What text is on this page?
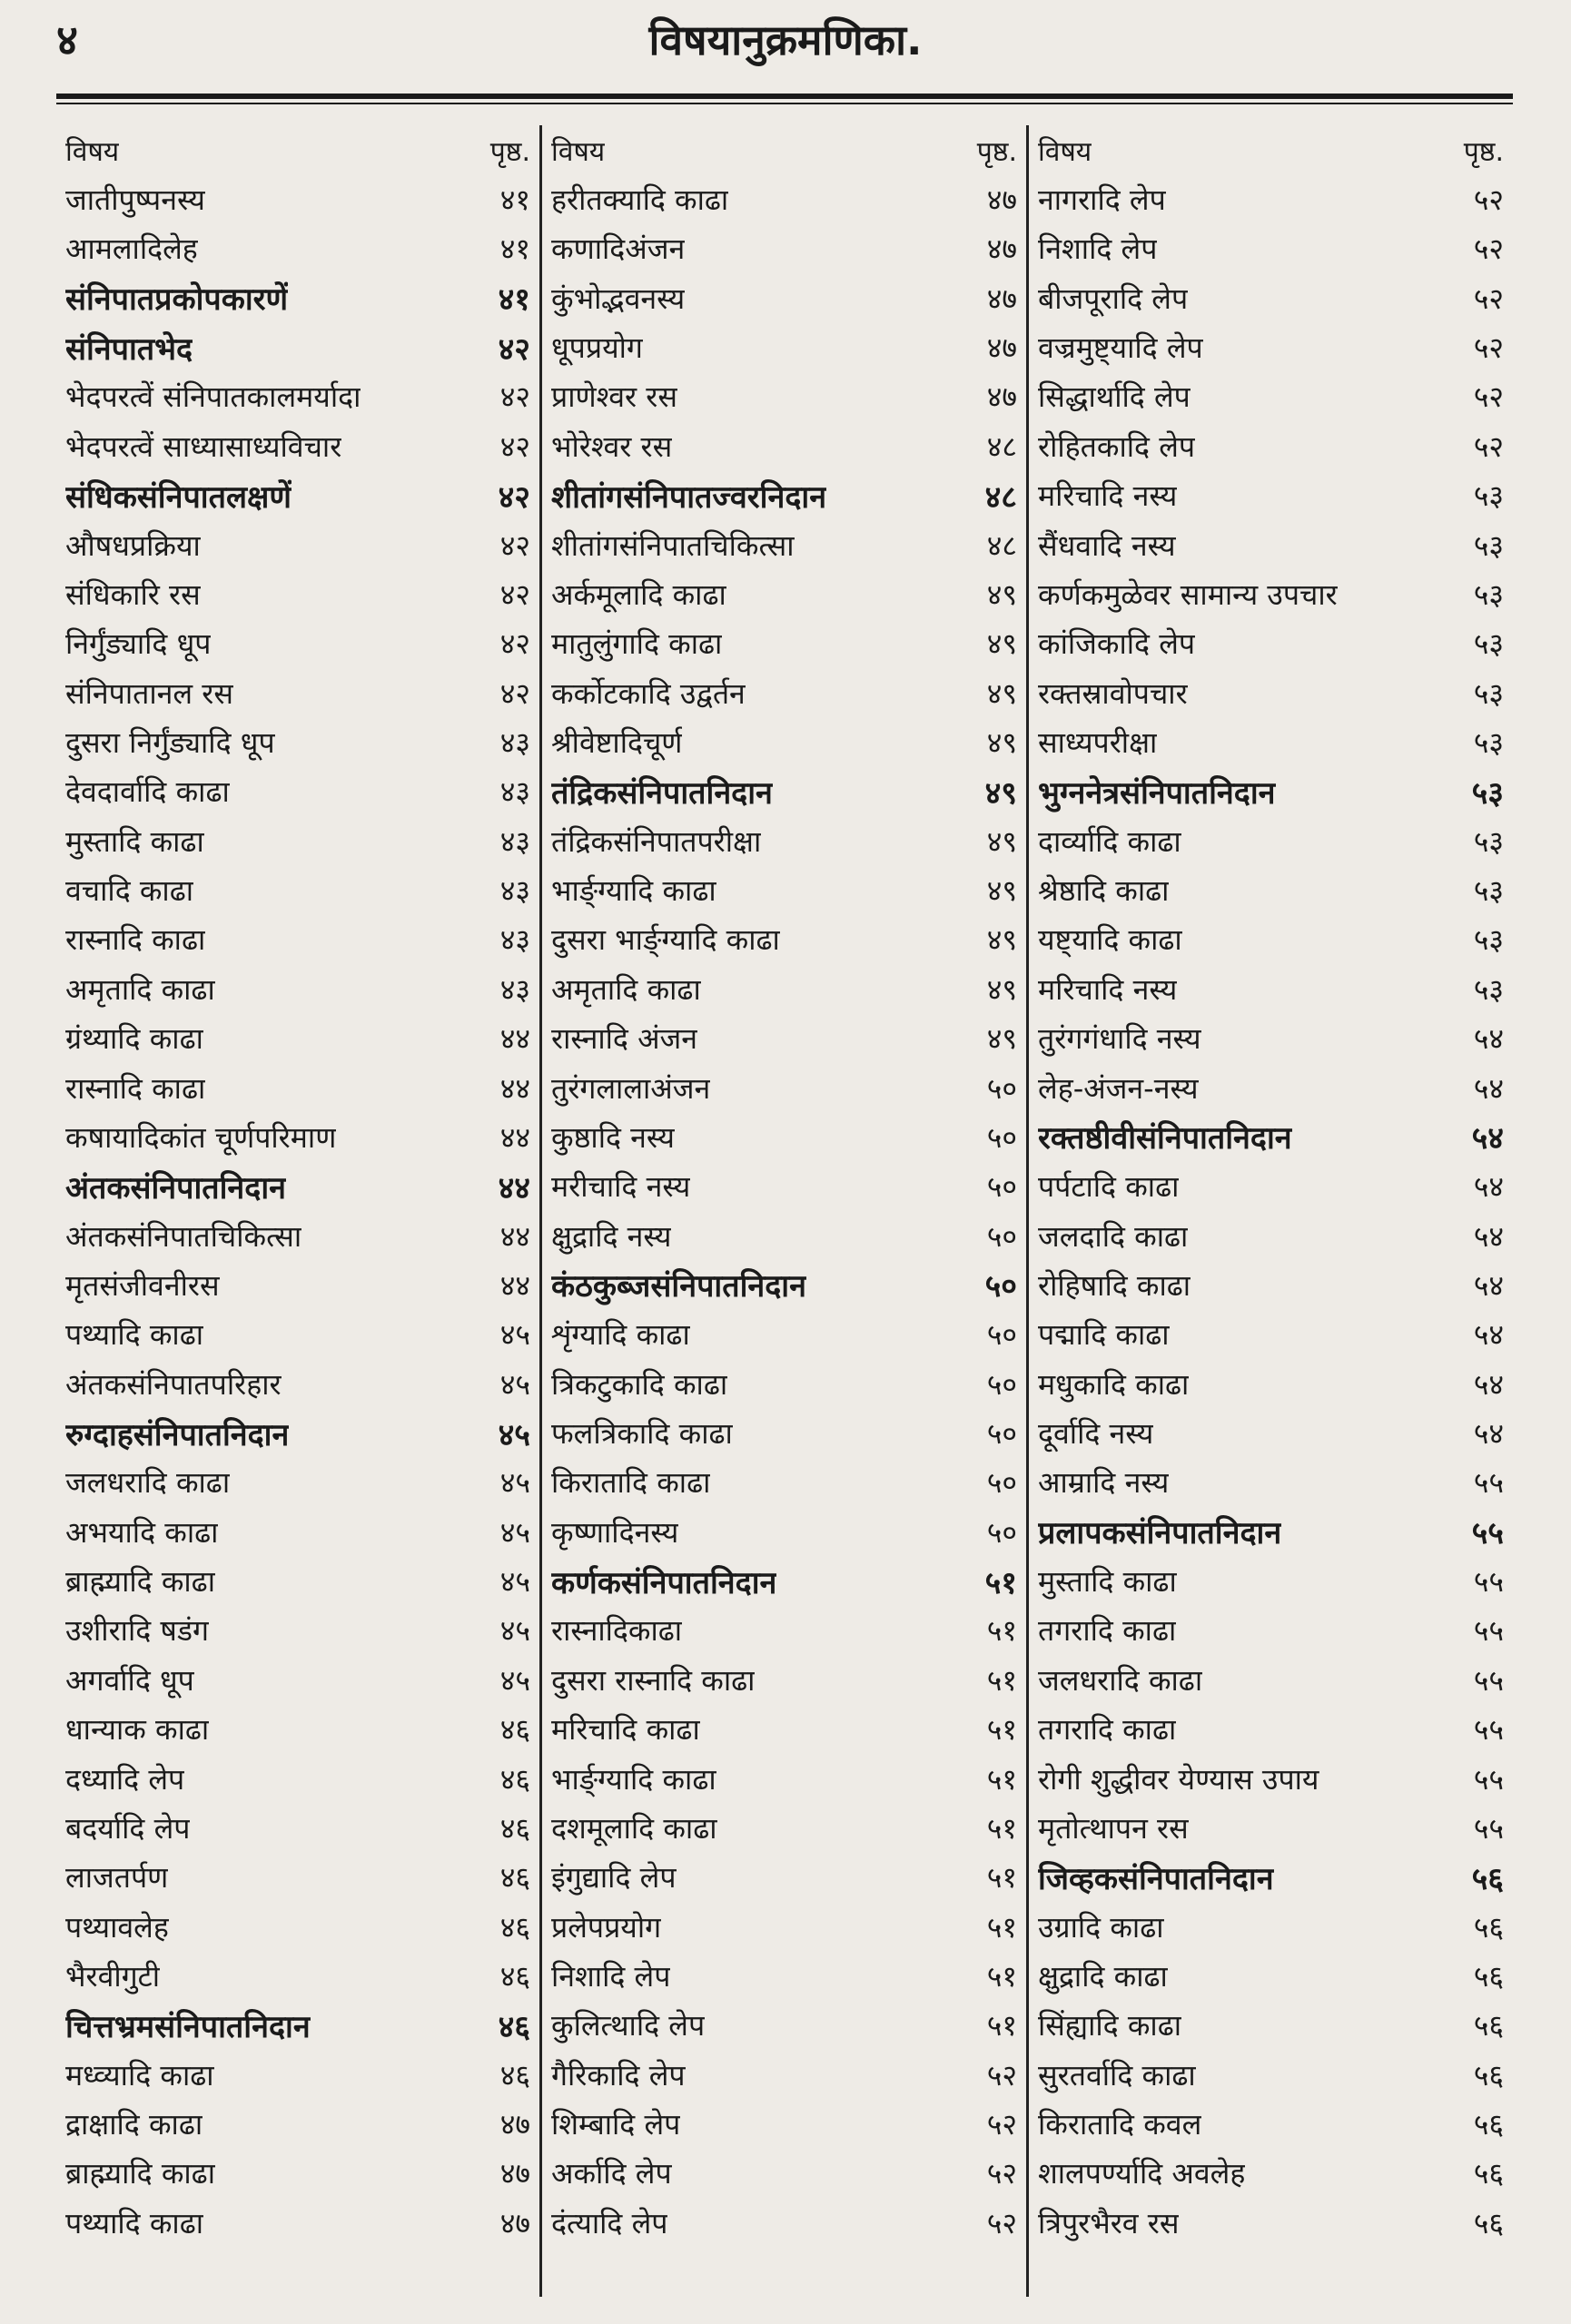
४	विषयानुक्रमणिका.
विषय	पृष्ठ.
जातीपुष्पनस्य	४१
आमलादिलेह	४१
संनिपातप्रकोपकारणें	४१
संनिपातभेद	४२
भेदपरत्वें संनिपातकालमर्यादा	४२
भेदपरत्वें साध्यासाध्यविचार	४२
संधिकसंनिपातलक्षणें	४२
औषधप्रक्रिया	४२
संधिकारि रस	४२
निर्गुंड्यादि धूप	४२
संनिपातानल रस	४२
दुसरा निर्गुंड्यादि धूप	४३
देवदार्वादि काढा	४३
मुस्तादि काढा	४३
वचादि काढा	४३
रास्नादि काढा	४३
अमृतादि काढा	४३
ग्रंथ्यादि काढा	४४
रास्नादि काढा	४४
कषायादिकांत चूर्णपरिमाण	४४
अंतकसंनिपातनिदान	४४
अंतकसंनिपातचिकित्सा	४४
मृतसंजीवनीरस	४४
पथ्यादि काढा	४५
अंतकसंनिपातपरिहार	४५
रुग्दाहसंनिपातनिदान	४५
जलधरादि काढा	४५
अभयादि काढा	४५
ब्राह्म्यादि काढा	४५
उशीरादि षडंग	४५
अगर्वादि धूप	४५
धान्याक काढा	४६
दध्यादि लेप	४६
बदर्यादि लेप	४६
लाजतर्पण	४६
पथ्यावलेह	४६
भैरवीगुटी	४६
चित्तभ्रमसंनिपातनिदान	४६
मध्व्यादि काढा	४६
द्राक्षादि काढा	४७
ब्राह्म्यादि काढा	४७
पथ्यादि काढा	४७
विषय	पृष्ठ.
हरीतक्यादि काढा	४७
कणादिअंजन	४७
कुंभोद्भवनस्य	४७
धूपप्रयोग	४७
प्राणेश्वर रस	४७
भोरेश्वर रस	४८
शीतांगसंनिपातज्वरनिदान	४८
शीतांगसंनिपातचिकित्सा	४८
अर्कमूलादि काढा	४९
मातुलुंगादि काढा	४९
कर्कोटकादि उद्वर्तन	४९
श्रीवेष्टादिचूर्ण	४९
तंद्रिकसंनिपातनिदान	४९
तंद्रिकसंनिपातपरीक्षा	४९
भार्ङ्ग्यादि काढा	४९
दुसरा भार्ङ्ग्यादि काढा	४९
अमृतादि काढा	४९
रास्नादि अंजन	४९
तुरंगलालाअंजन	५०
कुष्ठादि नस्य	५०
मरीचादि नस्य	५०
क्षुद्रादि नस्य	५०
कंठकुब्जसंनिपातनिदान	५०
शृंग्यादि काढा	५०
त्रिकटुकादि काढा	५०
फलत्रिकादि काढा	५०
किरातादि काढा	५०
कृष्णादिनस्य	५०
कर्णकसंनिपातनिदान	५१
रास्नादिकाढा	५१
दुसरा रास्नादि काढा	५१
मरिचादि काढा	५१
भार्ङ्ग्यादि काढा	५१
दशमूलादि काढा	५१
इंगुद्यादि लेप	५१
प्रलेपप्रयोग	५१
निशादि लेप	५१
कुलित्थादि लेप	५१
गैरिकादि लेप	५२
शिम्बादि लेप	५२
अर्कादि लेप	५२
दंत्यादि लेप	५२
विषय	पृष्ठ.
नागरादि लेप	५२
निशादि लेप	५२
बीजपूरादि लेप	५२
वज्रमुष्ट्यादि लेप	५२
सिद्धार्थादि लेप	५२
रोहितकादि लेप	५२
मरिचादि नस्य	५३
सैंधवादि नस्य	५३
कर्णकमुळेवर सामान्य उपचार	५३
कांजिकादि लेप	५३
रक्तस्रावोपचार	५३
साध्यपरीक्षा	५३
भुग्ननेत्रसंनिपातनिदान	५३
दार्व्यादि काढा	५३
श्रेष्ठादि काढा	५३
यष्ट्यादि काढा	५३
मरिचादि नस्य	५३
तुरंगगंधादि नस्य	५४
लेह-अंजन-नस्य	५४
रक्तष्ठीवीसंनिपातनिदान	५४
पर्पटादि काढा	५४
जलदादि काढा	५४
रोहिषादि काढा	५४
पद्मादि काढा	५४
मधुकादि काढा	५४
दूर्वादि नस्य	५४
आम्रादि नस्य	५५
प्रलापकसंनिपातनिदान	५५
मुस्तादि काढा	५५
तगरादि काढा	५५
जलधरादि काढा	५५
तगरादि काढा	५५
रोगी शुद्धीवर येण्यास उपाय	५५
मृतोत्थापन रस	५५
जिव्हकसंनिपातनिदान	५६
उग्रादि काढा	५६
क्षुद्रादि काढा	५६
सिंह्यादि काढा	५६
सुरतर्वादि काढा	५६
किरातादि कवल	५६
शालपर्ण्यादि अवलेह	५६
त्रिपुरभैरव रस	५६
